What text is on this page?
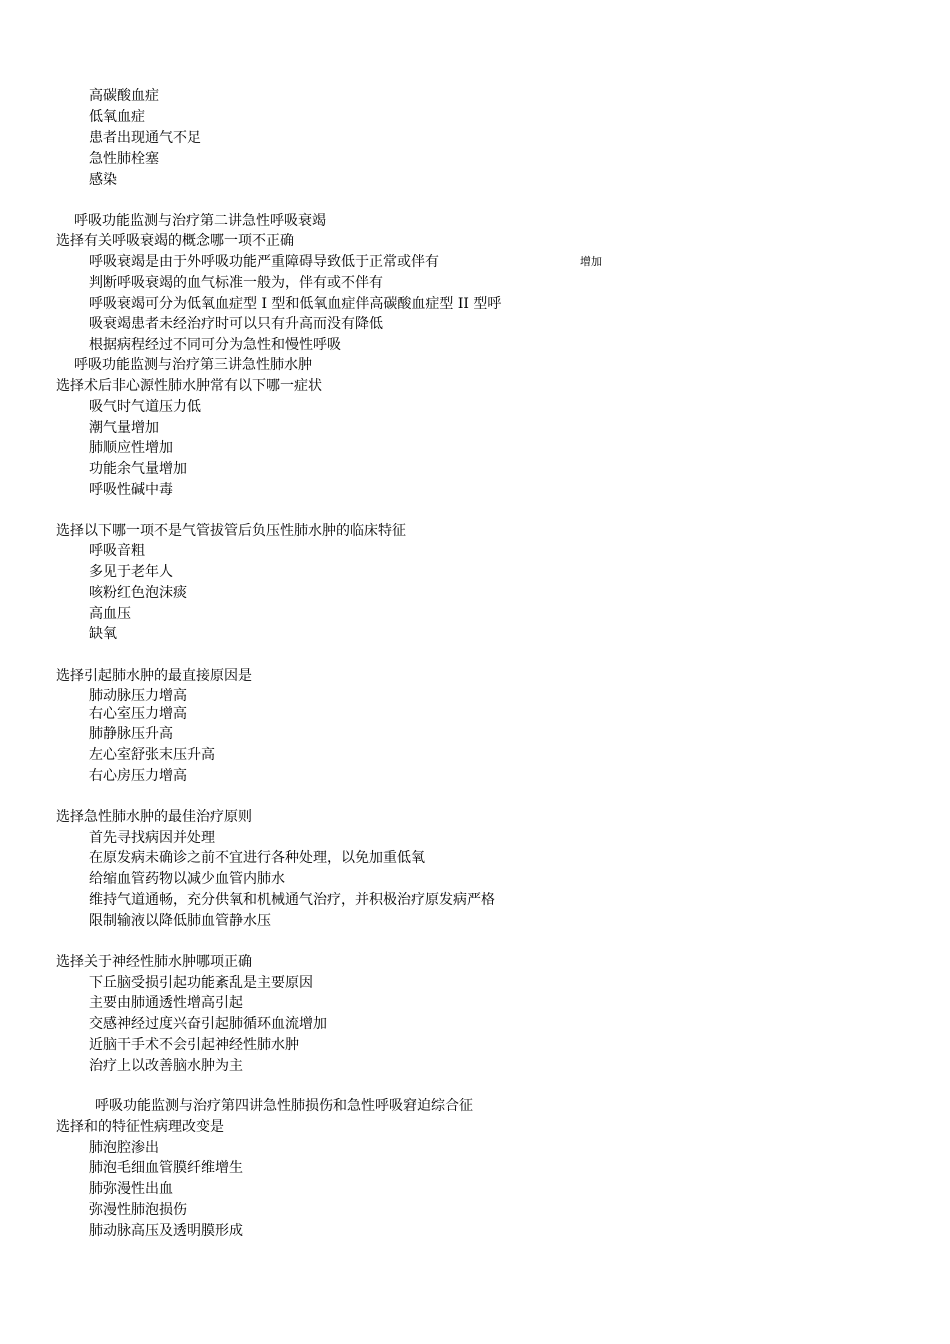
高碳酸血症
低氧血症
患者出现通气不足
急性肺栓塞
感染
呼吸功能监测与治疗第二讲急性呼吸衰竭
选择有关呼吸衰竭的概念哪一项不正确
呼吸衰竭是由于外呼吸功能严重障碍导致低于正常或伴有	增加
判断呼吸衰竭的血气标准一般为，伴有或不伴有
呼吸衰竭可分为低氧血症型 I 型和低氧血症伴高碳酸血症型 II 型呼
吸衰竭患者未经治疗时可以只有升高而没有降低
根据病程经过不同可分为急性和慢性呼吸
呼吸功能监测与治疗第三讲急性肺水肿
选择术后非心源性肺水肿常有以下哪一症状
吸气时气道压力低
潮气量增加
肺顺应性增加
功能余气量增加
呼吸性碱中毒
选择以下哪一项不是气管拔管后负压性肺水肿的临床特征
呼吸音粗
多见于老年人
咳粉红色泡沫痰
高血压
缺氧
选择引起肺水肿的最直接原因是
肺动脉压力增高
右心室压力增高
肺静脉压升高
左心室舒张末压升高
右心房压力增高
选择急性肺水肿的最佳治疗原则
首先寻找病因并处理
在原发病未确诊之前不宜进行各种处理，以免加重低氧
给缩血管药物以减少血管内肺水
维持气道通畅，充分供氧和机械通气治疗，并积极治疗原发病严格
限制输液以降低肺血管静水压
选择关于神经性肺水肿哪项正确
下丘脑受损引起功能紊乱是主要原因
主要由肺通透性增高引起
交感神经过度兴奋引起肺循环血流增加
近脑干手术不会引起神经性肺水肿
治疗上以改善脑水肿为主
呼吸功能监测与治疗第四讲急性肺损伤和急性呼吸窘迫综合征
选择和的特征性病理改变是
肺泡腔渗出
肺泡毛细血管膜纤维增生
肺弥漫性出血
弥漫性肺泡损伤
肺动脉高压及透明膜形成
